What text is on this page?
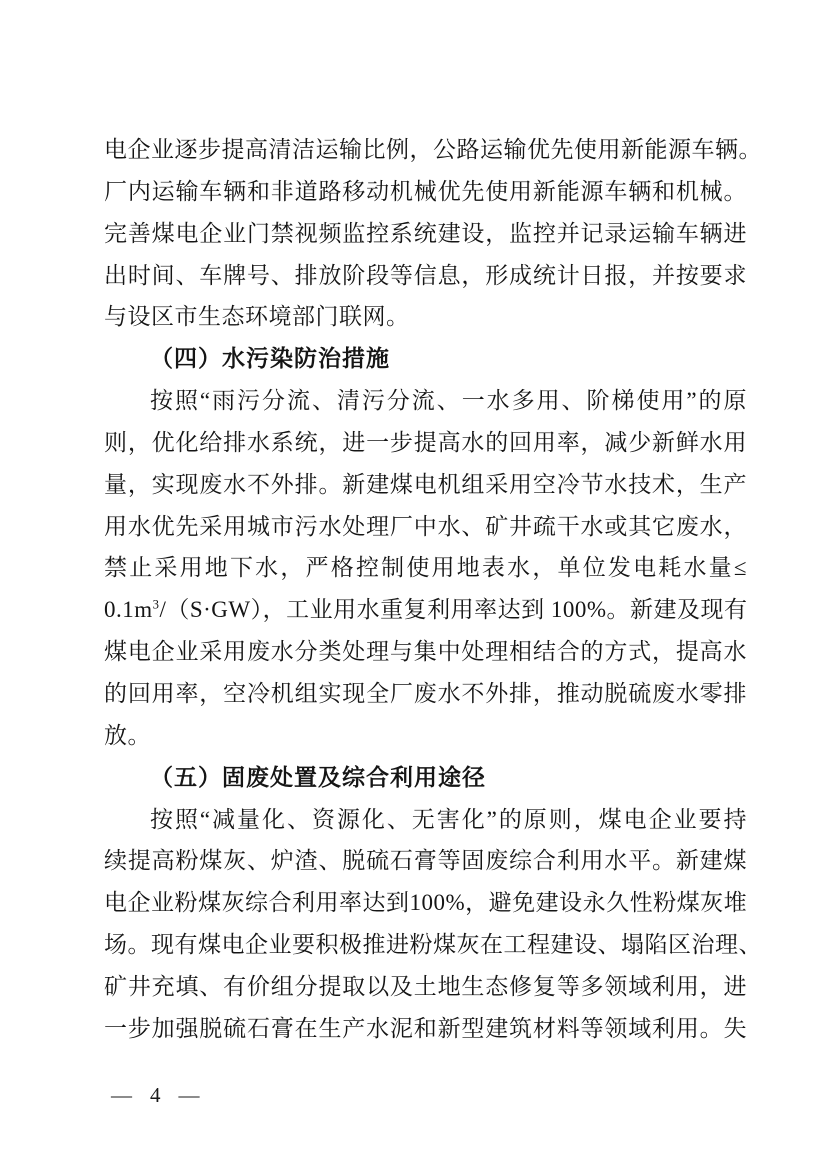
电企业逐步提高清洁运输比例，公路运输优先使用新能源车辆。
厂内运输车辆和非道路移动机械优先使用新能源车辆和机械。
完善煤电企业门禁视频监控系统建设，监控并记录运输车辆进
出时间、车牌号、排放阶段等信息，形成统计日报，并按要求
与设区市生态环境部门联网。
（四）水污染防治措施
按照“雨污分流、清污分流、一水多用、阶梯使用”的原
则，优化给排水系统，进一步提高水的回用率，减少新鲜水用
量，实现废水不外排。新建煤电机组采用空冷节水技术，生产
用水优先采用城市污水处理厂中水、矿井疏干水或其它废水，
禁止采用地下水，严格控制使用地表水，单位发电耗水量≤
$0.1m^3/(S\cdot GW)$，工业用水重复利用率达到 100%。新建及现有
煤电企业采用废水分类处理与集中处理相结合的方式，提高水
的回用率，空冷机组实现全厂废水不外排，推动脱硫废水零排
放。
（五）固废处置及综合利用途径
按照“减量化、资源化、无害化”的原则，煤电企业要持
续提高粉煤灰、炉渣、脱硫石膏等固废综合利用水平。新建煤
电企业粉煤灰综合利用率达到100%，避免建设永久性粉煤灰堆
场。现有煤电企业要积极推进粉煤灰在工程建设、塌陷区治理、
矿井充填、有价组分提取以及土地生态修复等多领域利用，进
一步加强脱硫石膏在生产水泥和新型建筑材料等领域利用。失
— 4 —
